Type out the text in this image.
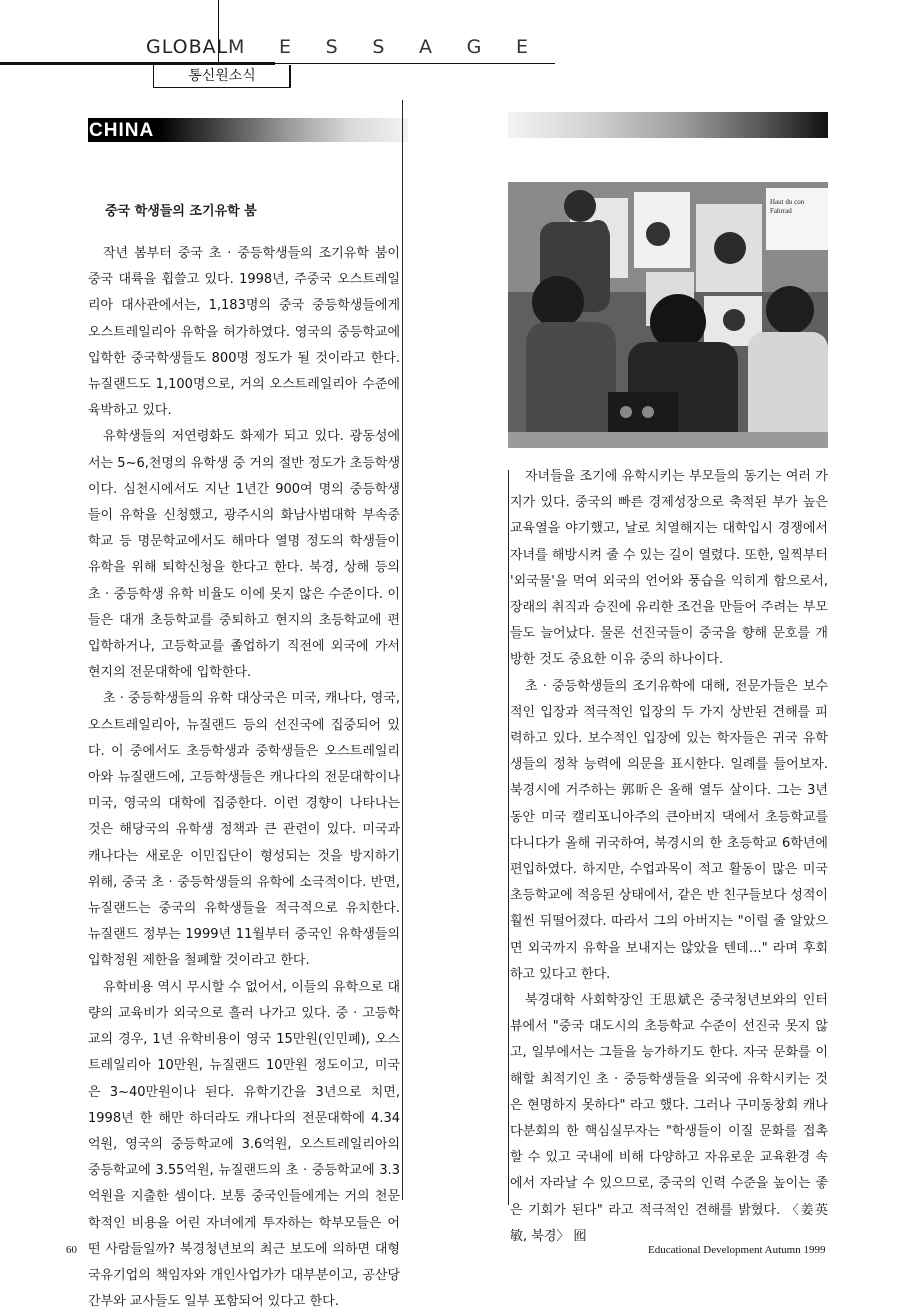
GLOBAL M E S S A G E
통신원소식
CHINA
중국 학생들의 조기유학 붐

작년 봄부터 중국 초 · 중등학생들의 조기유학 붐이 중국 대륙을 휩쓸고 있다. 1998년, 주중국 오스트레일리아 대사관에서는, 1,183명의 중국 중등학생들에게 오스트레일리아 유학을 허가하였다. 영국의 중등학교에 입학한 중국학생들도 800명 정도가 될 것이라고 한다. 뉴질랜드도 1,100명으로, 거의 오스트레일리아 수준에 육박하고 있다.

유학생들의 저연령화도 화제가 되고 있다. 광동성에서는 5~6,천명의 유학생 중 거의 절반 정도가 초등학생이다. 심천시에서도 지난 1년간 900여 명의 중등학생들이 유학을 신청했고, 광주시의 화남사범대학 부속중학교 등 명문학교에서도 해마다 열명 정도의 학생들이 유학을 위해 퇴학신청을 한다고 한다. 북경, 상해 등의 초 · 중등학생 유학 비율도 이에 못지 않은 수준이다. 이들은 대개 초등학교를 중퇴하고 현지의 초등학교에 편입학하거나, 고등학교를 졸업하기 직전에 외국에 가서 현지의 전문대학에 입학한다.

초 · 중등학생들의 유학 대상국은 미국, 캐나다, 영국, 오스트레일리아, 뉴질랜드 등의 선진국에 집중되어 있다. 이 중에서도 초등학생과 중학생들은 오스트레일리아와 뉴질랜드에, 고등학생들은 캐나다의 전문대학이나 미국, 영국의 대학에 집중한다. 이런 경향이 나타나는 것은 해당국의 유학생 정책과 큰 관련이 있다. 미국과 캐나다는 새로운 이민집단이 형성되는 것을 방지하기 위해, 중국 초 · 중등학생들의 유학에 소극적이다. 반면, 뉴질랜드는 중국의 유학생들을 적극적으로 유치한다. 뉴질랜드 정부는 1999년 11월부터 중국인 유학생들의 입학정원 제한을 철폐할 것이라고 한다.

유학비용 역시 무시할 수 없어서, 이들의 유학으로 대량의 교육비가 외국으로 흘러 나가고 있다. 중 · 고등학교의 경우, 1년 유학비용이 영국 15만원(인민폐), 오스트레일리아 10만원, 뉴질랜드 10만원 정도이고, 미국은 3~40만원이나 된다. 유학기간을 3년으로 치면, 1998년 한 해만 하더라도 캐나다의 전문대학에 4.34억원, 영국의 중등학교에 3.6억원, 오스트레일리아의 중등학교에 3.55억원, 뉴질랜드의 초 · 중등학교에 3.3억원을 지출한 셈이다. 보통 중국인들에게는 거의 천문학적인 비용을 어린 자녀에게 투자하는 학부모들은 어떤 사람들일까? 북경청년보의 최근 보도에 의하면 대형 국유기업의 책임자와 개인사업가가 대부분이고, 공산당 간부와 교사들도 일부 포함되어 있다고 한다.

Haut du con
Fahrrad

자녀들을 조기에 유학시키는 부모들의 동기는 여러 가지가 있다. 중국의 빠른 경제성장으로 축적된 부가 높은 교육열을 야기했고, 날로 치열해지는 대학입시 경쟁에서 자녀를 해방시켜 줄 수 있는 길이 열렸다. 또한, 일찍부터 '외국물'을 먹여 외국의 언어와 풍습을 익히게 함으로서, 장래의 취직과 승진에 유리한 조건을 만들어 주려는 부모들도 늘어났다. 물론 선진국들이 중국을 향해 문호를 개방한 것도 중요한 이유 중의 하나이다.

초 · 중등학생들의 조기유학에 대해, 전문가들은 보수적인 입장과 적극적인 입장의 두 가지 상반된 견해를 피력하고 있다. 보수적인 입장에 있는 학자들은 귀국 유학생들의 정착 능력에 의문을 표시한다. 일례를 들어보자. 북경시에 거주하는 郭昕은 올해 열두 살이다. 그는 3년 동안 미국 캘리포니아주의 큰아버지 댁에서 초등학교를 다니다가 올해 귀국하여, 북경시의 한 초등학교 6학년에 편입하였다. 하지만, 수업과목이 적고 활동이 많은 미국 초등학교에 적응된 상태에서, 같은 반 친구들보다 성적이 훨씬 뒤떨어졌다. 따라서 그의 아버지는 "이럴 줄 알았으면 외국까지 유학을 보내지는 않았을 텐데…" 라며 후회하고 있다고 한다.

북경대학 사회학장인 王思斌은 중국청년보와의 인터뷰에서 "중국 대도시의 초등학교 수준이 선진국 못지 않고, 일부에서는 그들을 능가하기도 한다. 자국 문화를 이해할 최적기인 초 · 중등학생들을 외국에 유학시키는 것은 현명하지 못하다" 라고 했다. 그러나 구미동창회 캐나다분회의 한 핵심실무자는 "학생들이 이질 문화를 접촉할 수 있고 국내에 비해 다양하고 자유로운 교육환경 속에서 자라날 수 있으므로, 중국의 인력 수준을 높이는 좋은 기회가 된다" 라고 적극적인 견해를 밝혔다. 〈姜英敏, 북경〉 囮

60	Educational Development Autumn 1999
